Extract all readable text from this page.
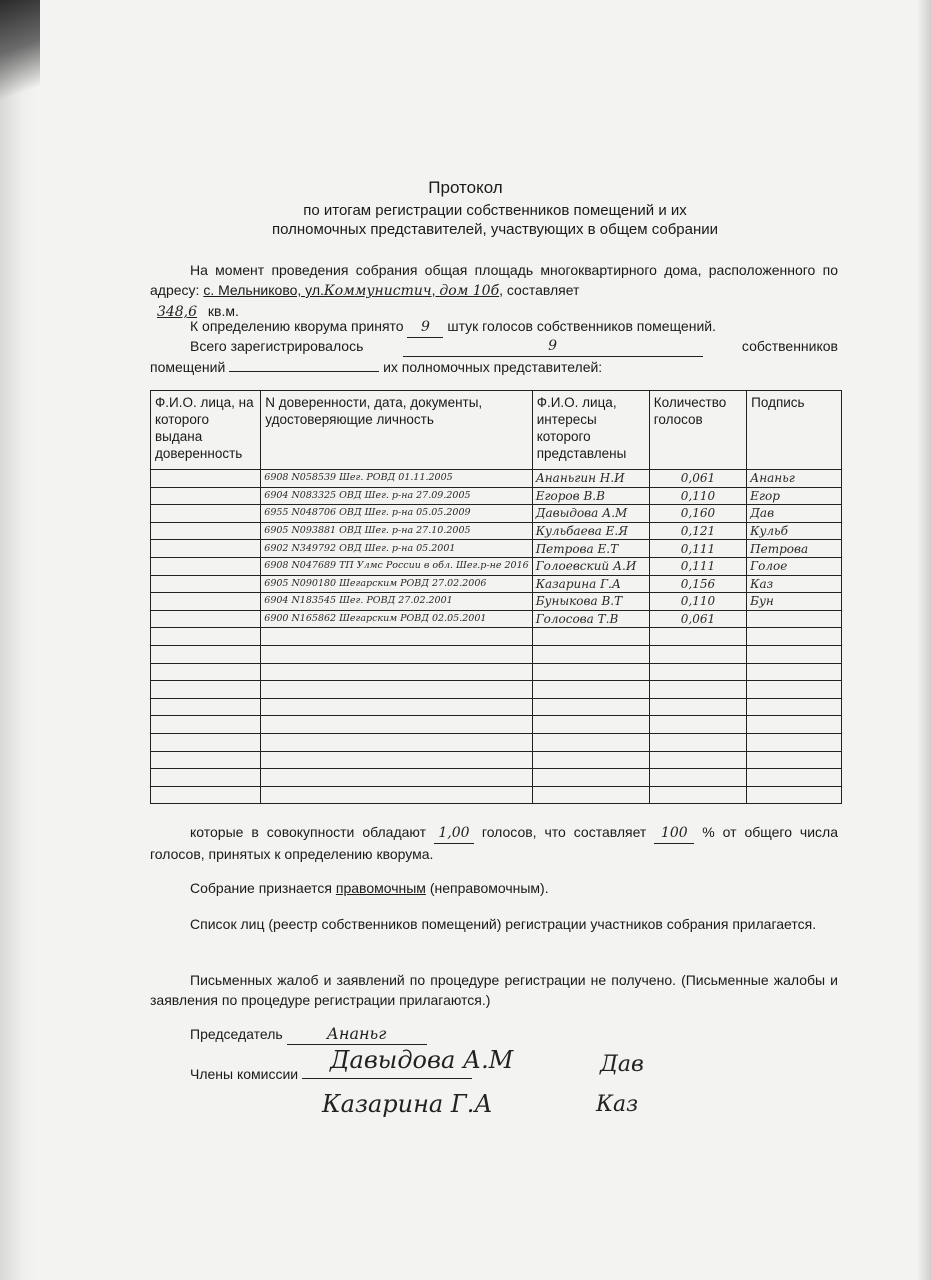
Протокол
по итогам регистрации собственников помещений и их
полномочных представителей, участвующих в общем собрании
На момент проведения собрания общая площадь многоквартирного дома, расположенного по адресу: с. Мельниково, ул.Коммунистич, дом 10б, составляет
348,6 кв.м.
К определению кворума принято 9 штук голосов собственников помещений.
Всего зарегистрировалось	9	собственников
помещений	их полномочных представителей:
Ф.И.О. лица, на которого выдана доверенность	N доверенности, дата, документы, удостоверяющие личность	Ф.И.О. лица, интересы которого представлены	Количество голосов	Подпись
	6908 N058539 Шег. РОВД 01.11.2005	Ананьгин Н.И	0,061	Ананьг
	6904 N083325 ОВД Шег. р-на 27.09.2005	Егоров В.В	0,110	Егор
	6955 N048706 ОВД Шег. р-на 05.05.2009	Давыдова А.М	0,160	Дав
	6905 N093881 ОВД Шег. р-на 27.10.2005	Кульбаева Е.Я	0,121	Кульб
	6902 N349792 ОВД Шег. р-на 05.2001	Петрова Е.Т	0,111	Петрова
	6908 N047689 ТП Улмс России в обл. Шег.р-не 2016	Голоевский А.И	0,111	Голое
	6905 N090180 Шегарским РОВД 27.02.2006	Казарина Г.А	0,156	Каз
	6904 N183545 Шег. РОВД 27.02.2001	Буныкова В.Т	0,110	Бун
	6900 N165862 Шегарским РОВД 02.05.2001	Голосова Т.В	0,061	

которые в совокупности обладают 1,00 голосов, что составляет 100 % от общего числа голосов, принятых к определению кворума.
Собрание признается правомочным (неправомочным).
Список лиц (реестр собственников помещений) регистрации участников собрания прилагается.
Письменных жалоб и заявлений по процедуре регистрации не получено. (Письменные жалобы и заявления по процедуре регистрации прилагаются.)
Председатель	Ананьг
Члены комиссии	Давыдова А.М	Дав
Казарина Г.А	Каз
